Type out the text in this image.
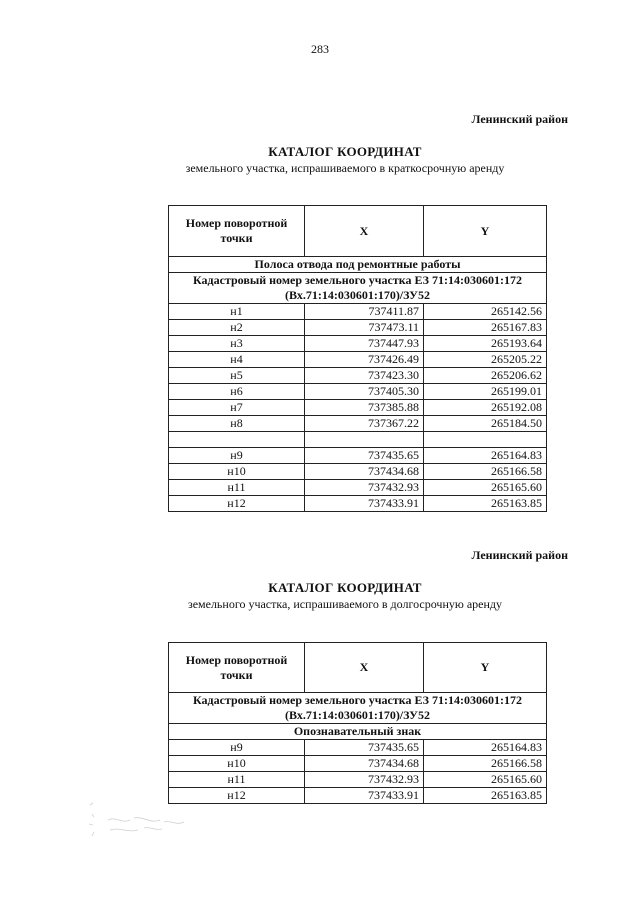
283
Ленинский район
КАТАЛОГ КООРДИНАТ
земельного участка, испрашиваемого в краткосрочную аренду
Номер поворотной точки	X	Y
Полоса отвода под ремонтные работы		
Кадастровый номер земельного участка ЕЗ 71:14:030601:172 (Вх.71:14:030601:170)/ЗУ52		
н1	737411.87	265142.56
н2	737473.11	265167.83
н3	737447.93	265193.64
н4	737426.49	265205.22
н5	737423.30	265206.62
н6	737405.30	265199.01
н7	737385.88	265192.08
н8	737367.22	265184.50

н9	737435.65	265164.83
н10	737434.68	265166.58
н11	737432.93	265165.60
н12	737433.91	265163.85
Ленинский район
КАТАЛОГ КООРДИНАТ
земельного участка, испрашиваемого в долгосрочную аренду
Номер поворотной точки	X	Y
Кадастровый номер земельного участка ЕЗ 71:14:030601:172 (Вх.71:14:030601:170)/ЗУ52		
Опознавательный знак		
н9	737435.65	265164.83
н10	737434.68	265166.58
н11	737432.93	265165.60
н12	737433.91	265163.85
